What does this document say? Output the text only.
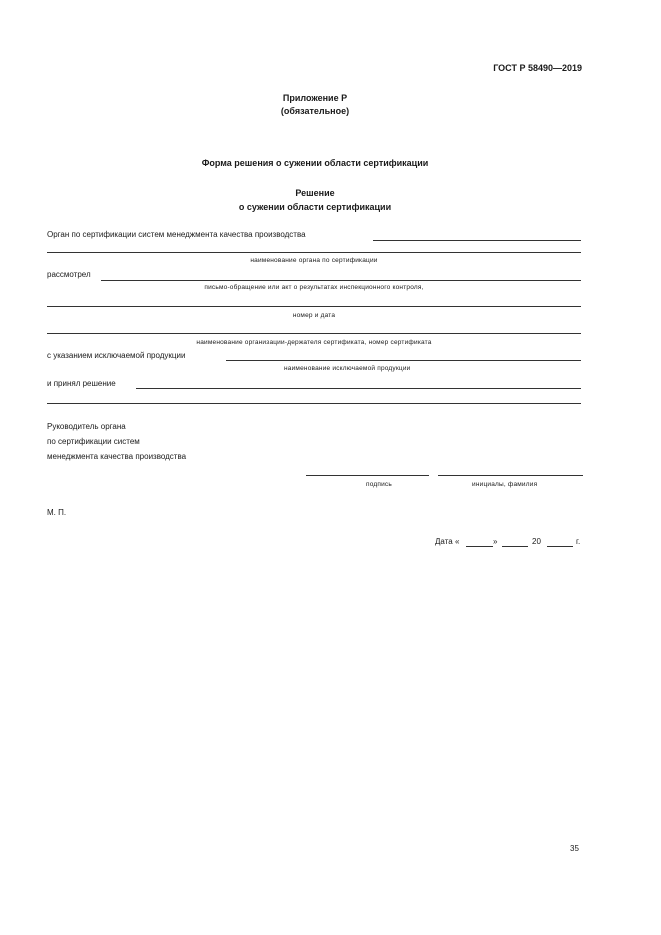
ГОСТ Р 58490—2019
Приложение Р
(обязательное)
Форма решения о сужении области сертификации
Решение
о сужении области сертификации
Орган по сертификации систем менеджмента качества производства
наименование органа по сертификации
рассмотрел
письмо-обращение или акт о результатах инспекционного контроля,
номер и дата
наименование организации-держателя сертификата, номер сертификата
с указанием исключаемой продукции
наименование исключаемой продукции
и принял решение
Руководитель органа
по сертификации систем
менеджмента качества производства
подпись	инициалы, фамилия
М. П.
Дата «	»	20	г.
35
